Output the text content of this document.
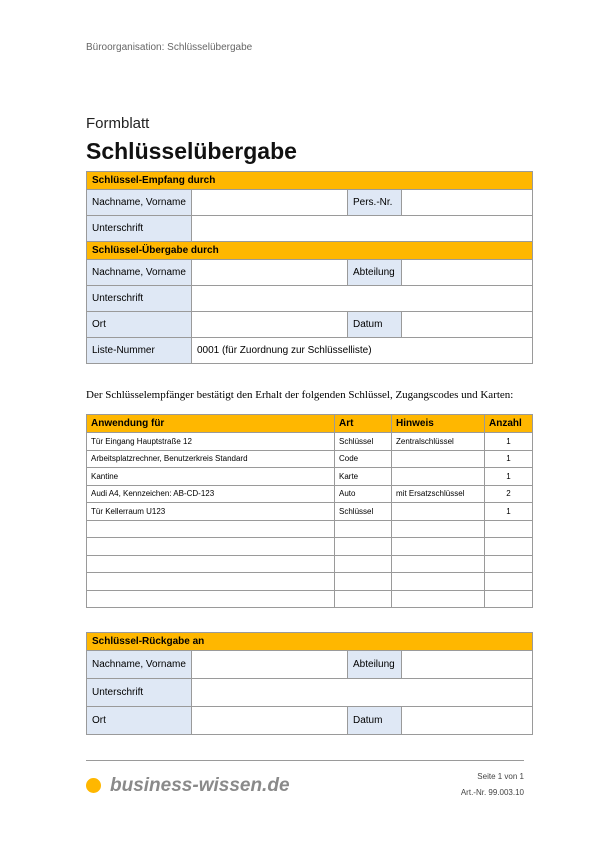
Büroorganisation: Schlüsselübergabe
Formblatt
Schlüsselübergabe
Schlüssel-Empfang durch			
Nachname, Vorname		Pers.-Nr.	
Unterschrift			
Schlüssel-Übergabe durch			
Nachname, Vorname		Abteilung	
Unterschrift			
Ort		Datum	
Liste-Nummer	0001 (für Zuordnung zur Schlüsselliste)		
Der Schlüsselempfänger bestätigt den Erhalt der folgenden Schlüssel, Zugangscodes und Karten:
Anwendung für	Art	Hinweis	Anzahl
Tür Eingang Hauptstraße 12	Schlüssel	Zentralschlüssel	1
Arbeitsplatzrechner, Benutzerkreis Standard	Code		1
Kantine	Karte		1
Audi A4, Kennzeichen: AB-CD-123	Auto	mit Ersatzschlüssel	2
Tür Kellerraum U123	Schlüssel		1

Schlüssel-Rückgabe an			
Nachname, Vorname		Abteilung	
Unterschrift			
Ort		Datum	
business-wissen.de	Seite 1 von 1
Art.-Nr. 99.003.10
